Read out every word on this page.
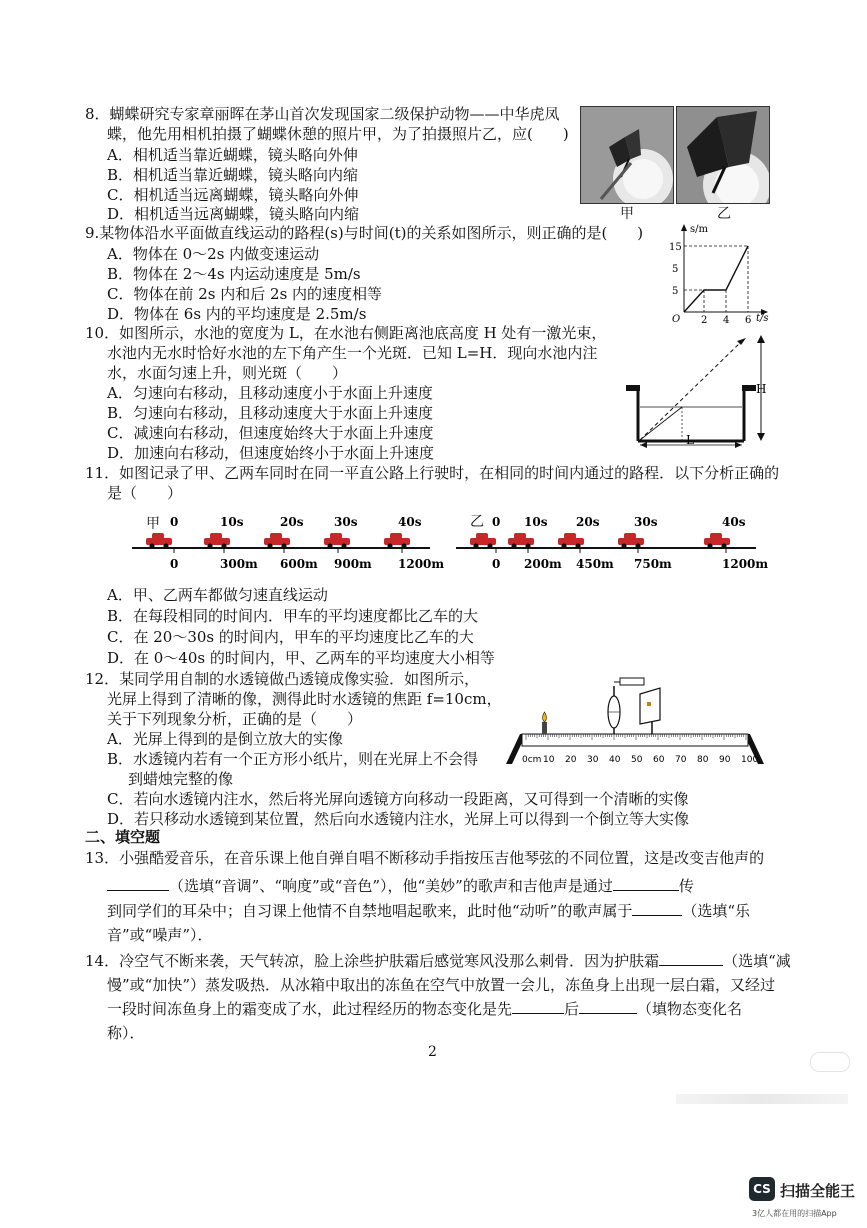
8．蝴蝶研究专家章丽晖在茅山首次发现国家二级保护动物——中华虎凤
蝶，他先用相机拍摄了蝴蝶休憩的照片甲，为了拍摄照片乙，应(　　)
A．相机适当靠近蝴蝶，镜头略向外伸
B．相机适当靠近蝴蝶，镜头略向内缩
C．相机适当远离蝴蝶，镜头略向外伸
D．相机适当远离蝴蝶，镜头略向内缩	甲	乙
9.某物体沿水平面做直线运动的路程(s)与时间(t)的关系如图所示，则正确的是(　　)
A．物体在 0～2s 内做变速运动
B．物体在 2～4s 内运动速度是 5m/s
C．物体在前 2s 内和后 2s 内的速度相等
D．物体在 6s 内的平均速度是 2.5m/s
s/m
15
5
5
O 2 4 6 t/s
10．如图所示，水池的宽度为 L，在水池右侧距离池底高度 H 处有一激光束，
水池内无水时恰好水池的左下角产生一个光斑．已知 L=H．现向水池内注
水，水面匀速上升，则光斑（　　）
A．匀速向右移动，且移动速度小于水面上升速度
B．匀速向右移动，且移动速度大于水面上升速度
C．减速向右移动，但速度始终大于水面上升速度
D．加速向右移动，但速度始终小于水面上升速度
H
L
11．如图记录了甲、乙两车同时在同一平直公路上行驶时，在相同的时间内通过的路程．以下分析正确的
是（　　）
甲	乙
0	10s	20s	30s	40s
0	300m 600m 900m 1200m
0 10s 20s	30s	40s
0 200m 450m 750m	1200m
A．甲、乙两车都做匀速直线运动
B．在每段相同的时间内．甲车的平均速度都比乙车的大
C．在 20～30s 的时间内，甲车的平均速度比乙车的大
D．在 0～40s 的时间内，甲、乙两车的平均速度大小相等
12．某同学用自制的水透镜做凸透镜成像实验．如图所示，
光屏上得到了清晰的像，测得此时水透镜的焦距 f=10cm，
关于下列现象分析，正确的是（　　）
A．光屏上得到的是倒立放大的实像
B．水透镜内若有一个正方形小纸片，则在光屏上不会得
到蜡烛完整的像
C．若向水透镜内注水，然后将光屏向透镜方向移动一段距离，又可得到一个清晰的实像
D．若只移动水透镜到某位置，然后向水透镜内注水，光屏上可以得到一个倒立等大实像
0cm 10 20 30 40 50 60 70 80 90 100
二、填空题
13．小强酷爱音乐，在音乐课上他自弹自唱不断移动手指按压吉他琴弦的不同位置，这是改变吉他声的
（选填“音调”、“响度”或“音色”），他“美妙”的歌声和吉他声是通过	传
到同学们的耳朵中；自习课上他情不自禁地唱起歌来，此时他“动听”的歌声属于	（选填“乐
音”或“噪声”）．
14．冷空气不断来袭，天气转凉，脸上涂些护肤霜后感觉寒风没那么刺骨．因为护肤霜	（选填“减
慢”或“加快”）蒸发吸热．从冰箱中取出的冻鱼在空气中放置一会儿，冻鱼身上出现一层白霜，又经过
一段时间冻鱼身上的霜变成了水，此过程经历的物态变化是先	后	（填物态变化名
称）．
2
CS 扫描全能王
3亿人都在用的扫描App
